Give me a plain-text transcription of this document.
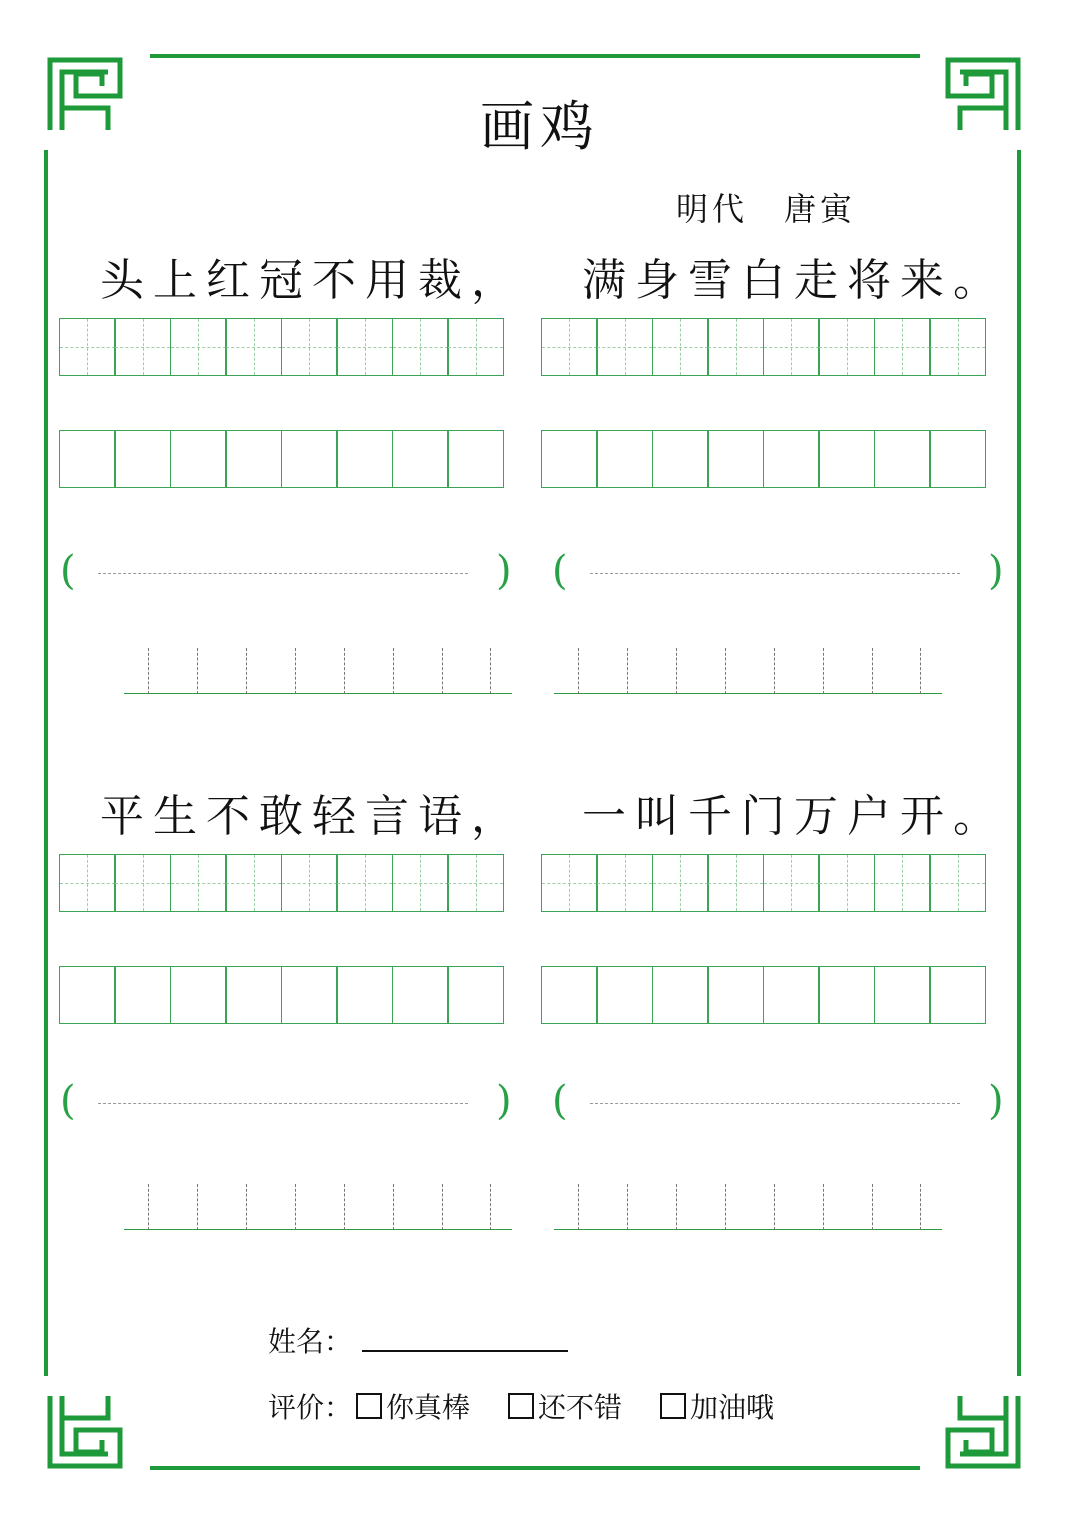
画鸡
明代 唐寅
头上红冠不用裁， 满身雪白走将来。
平生不敢轻言语， 一叫千门万户开。
(	) (	)
(	) (	)
姓名：
评价： 你真棒 还不错 加油哦
